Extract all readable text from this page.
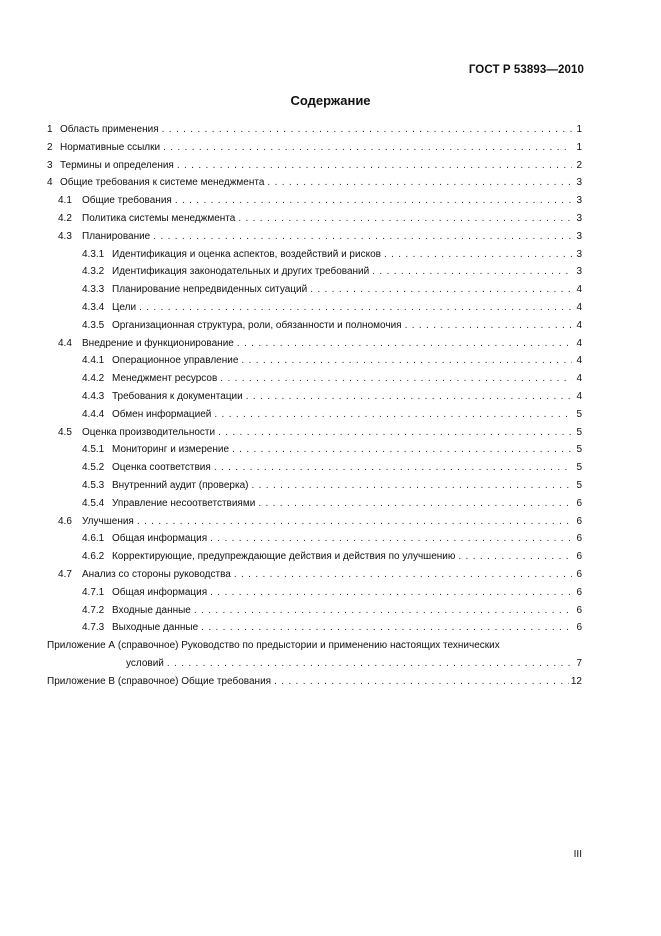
ГОСТ Р 53893—2010
Содержание
1 Область применения . . .	1
2 Нормативные ссылки . . .	1
3 Термины и определения . . .	2
4 Общие требования к системе менеджмента . . .	3
4.1	Общие требования . . .	3
4.2	Политика системы менеджмента . . .	3
4.3	Планирование . . .	3
4.3.1 Идентификация и оценка аспектов, воздействий и рисков . . .	3
4.3.2 Идентификация законодательных и других требований . . .	3
4.3.3 Планирование непредвиденных ситуаций . . .	4
4.3.4 Цели . . .	4
4.3.5 Организационная структура, роли, обязанности и полномочия . . .	4
4.4	Внедрение и функционирование . . .	4
4.4.1 Операционное управление . . .	4
4.4.2 Менеджмент ресурсов . . .	4
4.4.3 Требования к документации . . .	4
4.4.4 Обмен информацией . . .	5
4.5	Оценка производительности . . .	5
4.5.1 Мониторинг и измерение . . .	5
4.5.2 Оценка соответствия . . .	5
4.5.3 Внутренний аудит (проверка) . . .	5
4.5.4 Управление несоответствиями . . .	6
4.6	Улучшения . . .	6
4.6.1 Общая информация . . .	6
4.6.2 Корректирующие, предупреждающие действия и действия по улучшению . . .	6
4.7	Анализ со стороны руководства . . .	6
4.7.1 Общая информация . . .	6
4.7.2 Входные данные . . .	6
4.7.3 Выходные данные . . .	6
Приложение А (справочное) Руководство по предыстории и применению настоящих технических
условий . . .	7
Приложение В (справочное) Общие требования . . .	12
III
